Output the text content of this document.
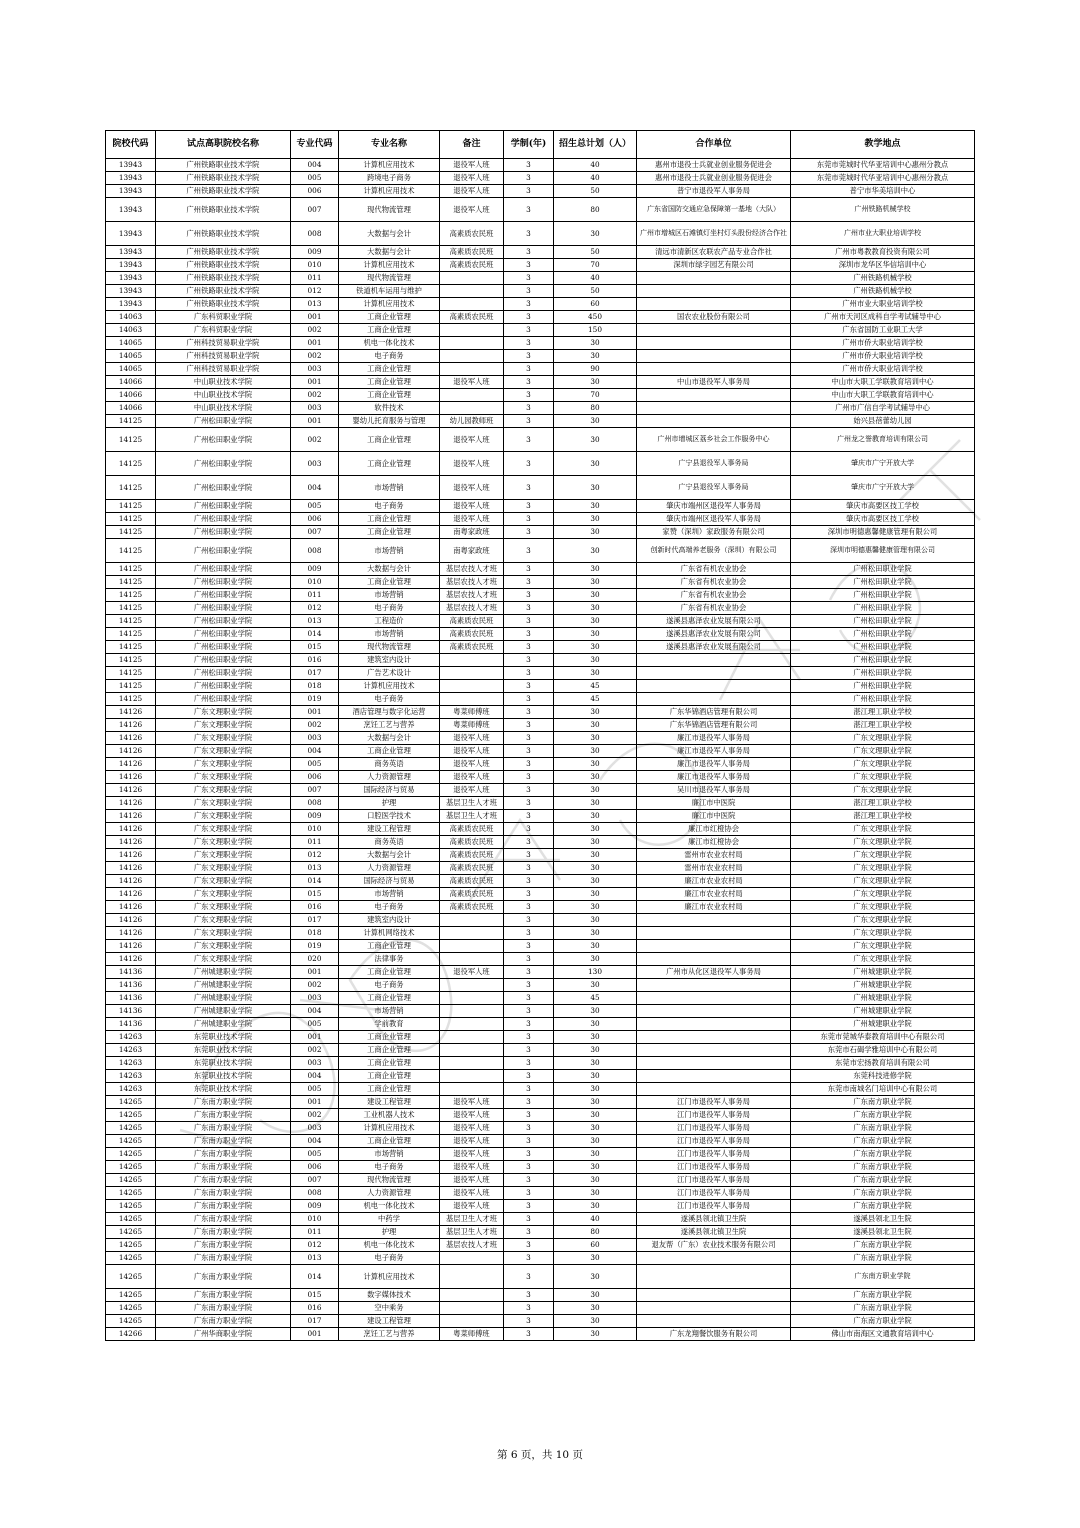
院校代码	试点高职院校名称	专业代码	专业名称	备注	学制(年)	招生总计划（人）	合作单位	教学地点
13943	广州铁路职业技术学院	004	计算机应用技术	退役军人班	3	40	惠州市退役士兵就业创业服务促进会	东莞市莞城时代华亚培训中心惠州分教点
13943	广州铁路职业技术学院	005	跨境电子商务	退役军人班	3	40	惠州市退役士兵就业创业服务促进会	东莞市莞城时代华亚培训中心惠州分教点
13943	广州铁路职业技术学院	006	计算机应用技术	退役军人班	3	50	普宁市退役军人事务局	普宁市华美培训中心
13943	广州铁路职业技术学院	007	现代物流管理	退役军人班	3	80	广东省国防交通应急保障第一基地（大队）	广州铁路机械学校
13943	广州铁路职业技术学院	008	大数据与会计	高素质农民班	3	30	广州市增城区石滩镇灯坐村灯头股份经济合作社	广州市业大职业培训学校
13943	广州铁路职业技术学院	009	大数据与会计	高素质农民班	3	50	清远市清新区农联农产品专业合作社	广州市粤教教育投资有限公司
13943	广州铁路职业技术学院	010	计算机应用技术	高素质农民班	3	70	深圳市绿字园艺有限公司	深圳市龙华区华信培训中心
13943	广州铁路职业技术学院	011	现代物流管理		3	40		广州铁路机械学校
13943	广州铁路职业技术学院	012	铁道机车运用与维护		3	50		广州铁路机械学校
13943	广州铁路职业技术学院	013	计算机应用技术		3	60		广州市业大职业培训学校
14063	广东科贸职业学院	001	工商企业管理	高素质农民班	3	450	国农农业股份有限公司	广州市天河区成科自学考试辅导中心
14063	广东科贸职业学院	002	工商企业管理		3	150		广东省国防工业职工大学
14065	广州科技贸易职业学院	001	机电一体化技术		3	30		广州市侨大职业培训学校
14065	广州科技贸易职业学院	002	电子商务		3	30		广州市侨大职业培训学校
14065	广州科技贸易职业学院	003	工商企业管理		3	90		广州市侨大职业培训学校
14066	中山职业技术学院	001	工商企业管理	退役军人班	3	30	中山市退役军人事务局	中山市大职工学联教育培训中心
14066	中山职业技术学院	002	工商企业管理		3	70		中山市大职工学联教育培训中心
14066	中山职业技术学院	003	软件技术		3	80		广州市广信自学考试辅导中心
14125	广州松田职业学院	001	婴幼儿托育服务与管理	幼儿园教师班	3	30		始兴县蓓蕾幼儿园
14125	广州松田职业学院	002	工商企业管理	退役军人班	3	30	广州市增城区荔乡社会工作服务中心	广州龙之誉教育培训有限公司
14125	广州松田职业学院	003	工商企业管理	退役军人班	3	30	广宁县退役军人事务局	肇庆市广宁开放大学
14125	广州松田职业学院	004	市场营销	退役军人班	3	30	广宁县退役军人事务局	肇庆市广宁开放大学
14125	广州松田职业学院	005	电子商务	退役军人班	3	30	肇庆市端州区退役军人事务局	肇庆市高要区技工学校
14125	广州松田职业学院	006	工商企业管理	退役军人班	3	30	肇庆市端州区退役军人事务局	肇庆市高要区技工学校
14125	广州松田职业学院	007	工商企业管理	南粤家政班	3	30	家赞（深圳）家政服务有限公司	深圳市明德惠馨健康管理有限公司
14125	广州松田职业学院	008	市场营销	南粤家政班	3	30	创新时代高端养老服务（深圳）有限公司	深圳市明德惠馨健康管理有限公司
14125	广州松田职业学院	009	大数据与会计	基层农技人才班	3	30	广东省有机农业协会	广州松田职业学院
14125	广州松田职业学院	010	工商企业管理	基层农技人才班	3	30	广东省有机农业协会	广州松田职业学院
14125	广州松田职业学院	011	市场营销	基层农技人才班	3	30	广东省有机农业协会	广州松田职业学院
14125	广州松田职业学院	012	电子商务	基层农技人才班	3	30	广东省有机农业协会	广州松田职业学院
14125	广州松田职业学院	013	工程造价	高素质农民班	3	30	遂溪县惠泽农业发展有限公司	广州松田职业学院
14125	广州松田职业学院	014	市场营销	高素质农民班	3	30	遂溪县惠泽农业发展有限公司	广州松田职业学院
14125	广州松田职业学院	015	现代物流管理	高素质农民班	3	30	遂溪县惠泽农业发展有限公司	广州松田职业学院
14125	广州松田职业学院	016	建筑室内设计		3	30		广州松田职业学院
14125	广州松田职业学院	017	广告艺术设计		3	30		广州松田职业学院
14125	广州松田职业学院	018	计算机应用技术		3	45		广州松田职业学院
14125	广州松田职业学院	019	电子商务		3	45		广州松田职业学院
14126	广东文理职业学院	001	酒店管理与数字化运营	粤菜师傅班	3	30	广东华锦酒店管理有限公司	湛江理工职业学校
14126	广东文理职业学院	002	烹饪工艺与营养	粤菜师傅班	3	30	广东华锦酒店管理有限公司	湛江理工职业学校
14126	广东文理职业学院	003	大数据与会计	退役军人班	3	30	廉江市退役军人事务局	广东文理职业学院
14126	广东文理职业学院	004	工商企业管理	退役军人班	3	30	廉江市退役军人事务局	广东文理职业学院
14126	广东文理职业学院	005	商务英语	退役军人班	3	30	廉江市退役军人事务局	广东文理职业学院
14126	广东文理职业学院	006	人力资源管理	退役军人班	3	30	廉江市退役军人事务局	广东文理职业学院
14126	广东文理职业学院	007	国际经济与贸易	退役军人班	3	30	吴川市退役军人事务局	广东文理职业学院
14126	广东文理职业学院	008	护理	基层卫生人才班	3	30	廉江市中医院	湛江理工职业学校
14126	广东文理职业学院	009	口腔医学技术	基层卫生人才班	3	30	廉江市中医院	湛江理工职业学校
14126	广东文理职业学院	010	建设工程管理	高素质农民班	3	30	廉江市红橙协会	广东文理职业学院
14126	广东文理职业学院	011	商务英语	高素质农民班	3	30	廉江市红橙协会	广东文理职业学院
14126	广东文理职业学院	012	大数据与会计	高素质农民班	3	30	雷州市农业农村局	广东文理职业学院
14126	广东文理职业学院	013	人力资源管理	高素质农民班	3	30	雷州市农业农村局	广东文理职业学院
14126	广东文理职业学院	014	国际经济与贸易	高素质农民班	3	30	廉江市农业农村局	广东文理职业学院
14126	广东文理职业学院	015	市场营销	高素质农民班	3	30	廉江市农业农村局	广东文理职业学院
14126	广东文理职业学院	016	电子商务	高素质农民班	3	30	廉江市农业农村局	广东文理职业学院
14126	广东文理职业学院	017	建筑室内设计		3	30		广东文理职业学院
14126	广东文理职业学院	018	计算机网络技术		3	30		广东文理职业学院
14126	广东文理职业学院	019	工商企业管理		3	30		广东文理职业学院
14126	广东文理职业学院	020	法律事务		3	30		广东文理职业学院
14136	广州城建职业学院	001	工商企业管理	退役军人班	3	130	广州市从化区退役军人事务局	广州城建职业学院
14136	广州城建职业学院	002	电子商务		3	30		广州城建职业学院
14136	广州城建职业学院	003	工商企业管理		3	45		广州城建职业学院
14136	广州城建职业学院	004	市场营销		3	30		广州城建职业学院
14136	广州城建职业学院	005	学前教育		3	30		广州城建职业学院
14263	东莞职业技术学院	001	工商企业管理		3	30		东莞市莞城华泰教育培训中心有限公司
14263	东莞职业技术学院	002	工商企业管理		3	30		东莞市石碣学雅培训中心有限公司
14263	东莞职业技术学院	003	工商企业管理		3	30		东莞市宏扬教育培训有限公司
14263	东莞职业技术学院	004	工商企业管理		3	30		东莞科技进修学院
14263	东莞职业技术学院	005	工商企业管理		3	30		东莞市南城名门培训中心有限公司
14265	广东南方职业学院	001	建设工程管理	退役军人班	3	30	江门市退役军人事务局	广东南方职业学院
14265	广东南方职业学院	002	工业机器人技术	退役军人班	3	30	江门市退役军人事务局	广东南方职业学院
14265	广东南方职业学院	003	计算机应用技术	退役军人班	3	30	江门市退役军人事务局	广东南方职业学院
14265	广东南方职业学院	004	工商企业管理	退役军人班	3	30	江门市退役军人事务局	广东南方职业学院
14265	广东南方职业学院	005	市场营销	退役军人班	3	30	江门市退役军人事务局	广东南方职业学院
14265	广东南方职业学院	006	电子商务	退役军人班	3	30	江门市退役军人事务局	广东南方职业学院
14265	广东南方职业学院	007	现代物流管理	退役军人班	3	30	江门市退役军人事务局	广东南方职业学院
14265	广东南方职业学院	008	人力资源管理	退役军人班	3	30	江门市退役军人事务局	广东南方职业学院
14265	广东南方职业学院	009	机电一体化技术	退役军人班	3	30	江门市退役军人事务局	广东南方职业学院
14265	广东南方职业学院	010	中药学	基层卫生人才班	3	40	遂溪县领北镇卫生院	遂溪县领北卫生院
14265	广东南方职业学院	011	护理	基层卫生人才班	3	80	遂溪县领北镇卫生院	遂溪县领北卫生院
14265	广东南方职业学院	012	机电一体化技术	基层农技人才班	3	60	退友帮（广东）农业技术服务有限公司	广东南方职业学院
14265	广东南方职业学院	013	电子商务		3	30		广东南方职业学院
14265	广东南方职业学院	014	计算机应用技术		3	30		广东南方职业学院
14265	广东南方职业学院	015	数字媒体技术		3	30		广东南方职业学院
14265	广东南方职业学院	016	空中乘务		3	30		广东南方职业学院
14265	广东南方职业学院	017	建设工程管理		3	30		广东南方职业学院
14266	广州华商职业学院	001	烹饪工艺与营养	粤菜师傅班	3	30	广东龙翔餐饮服务有限公司	佛山市南海区文通教育培训中心
第 6 页，共 10 页
